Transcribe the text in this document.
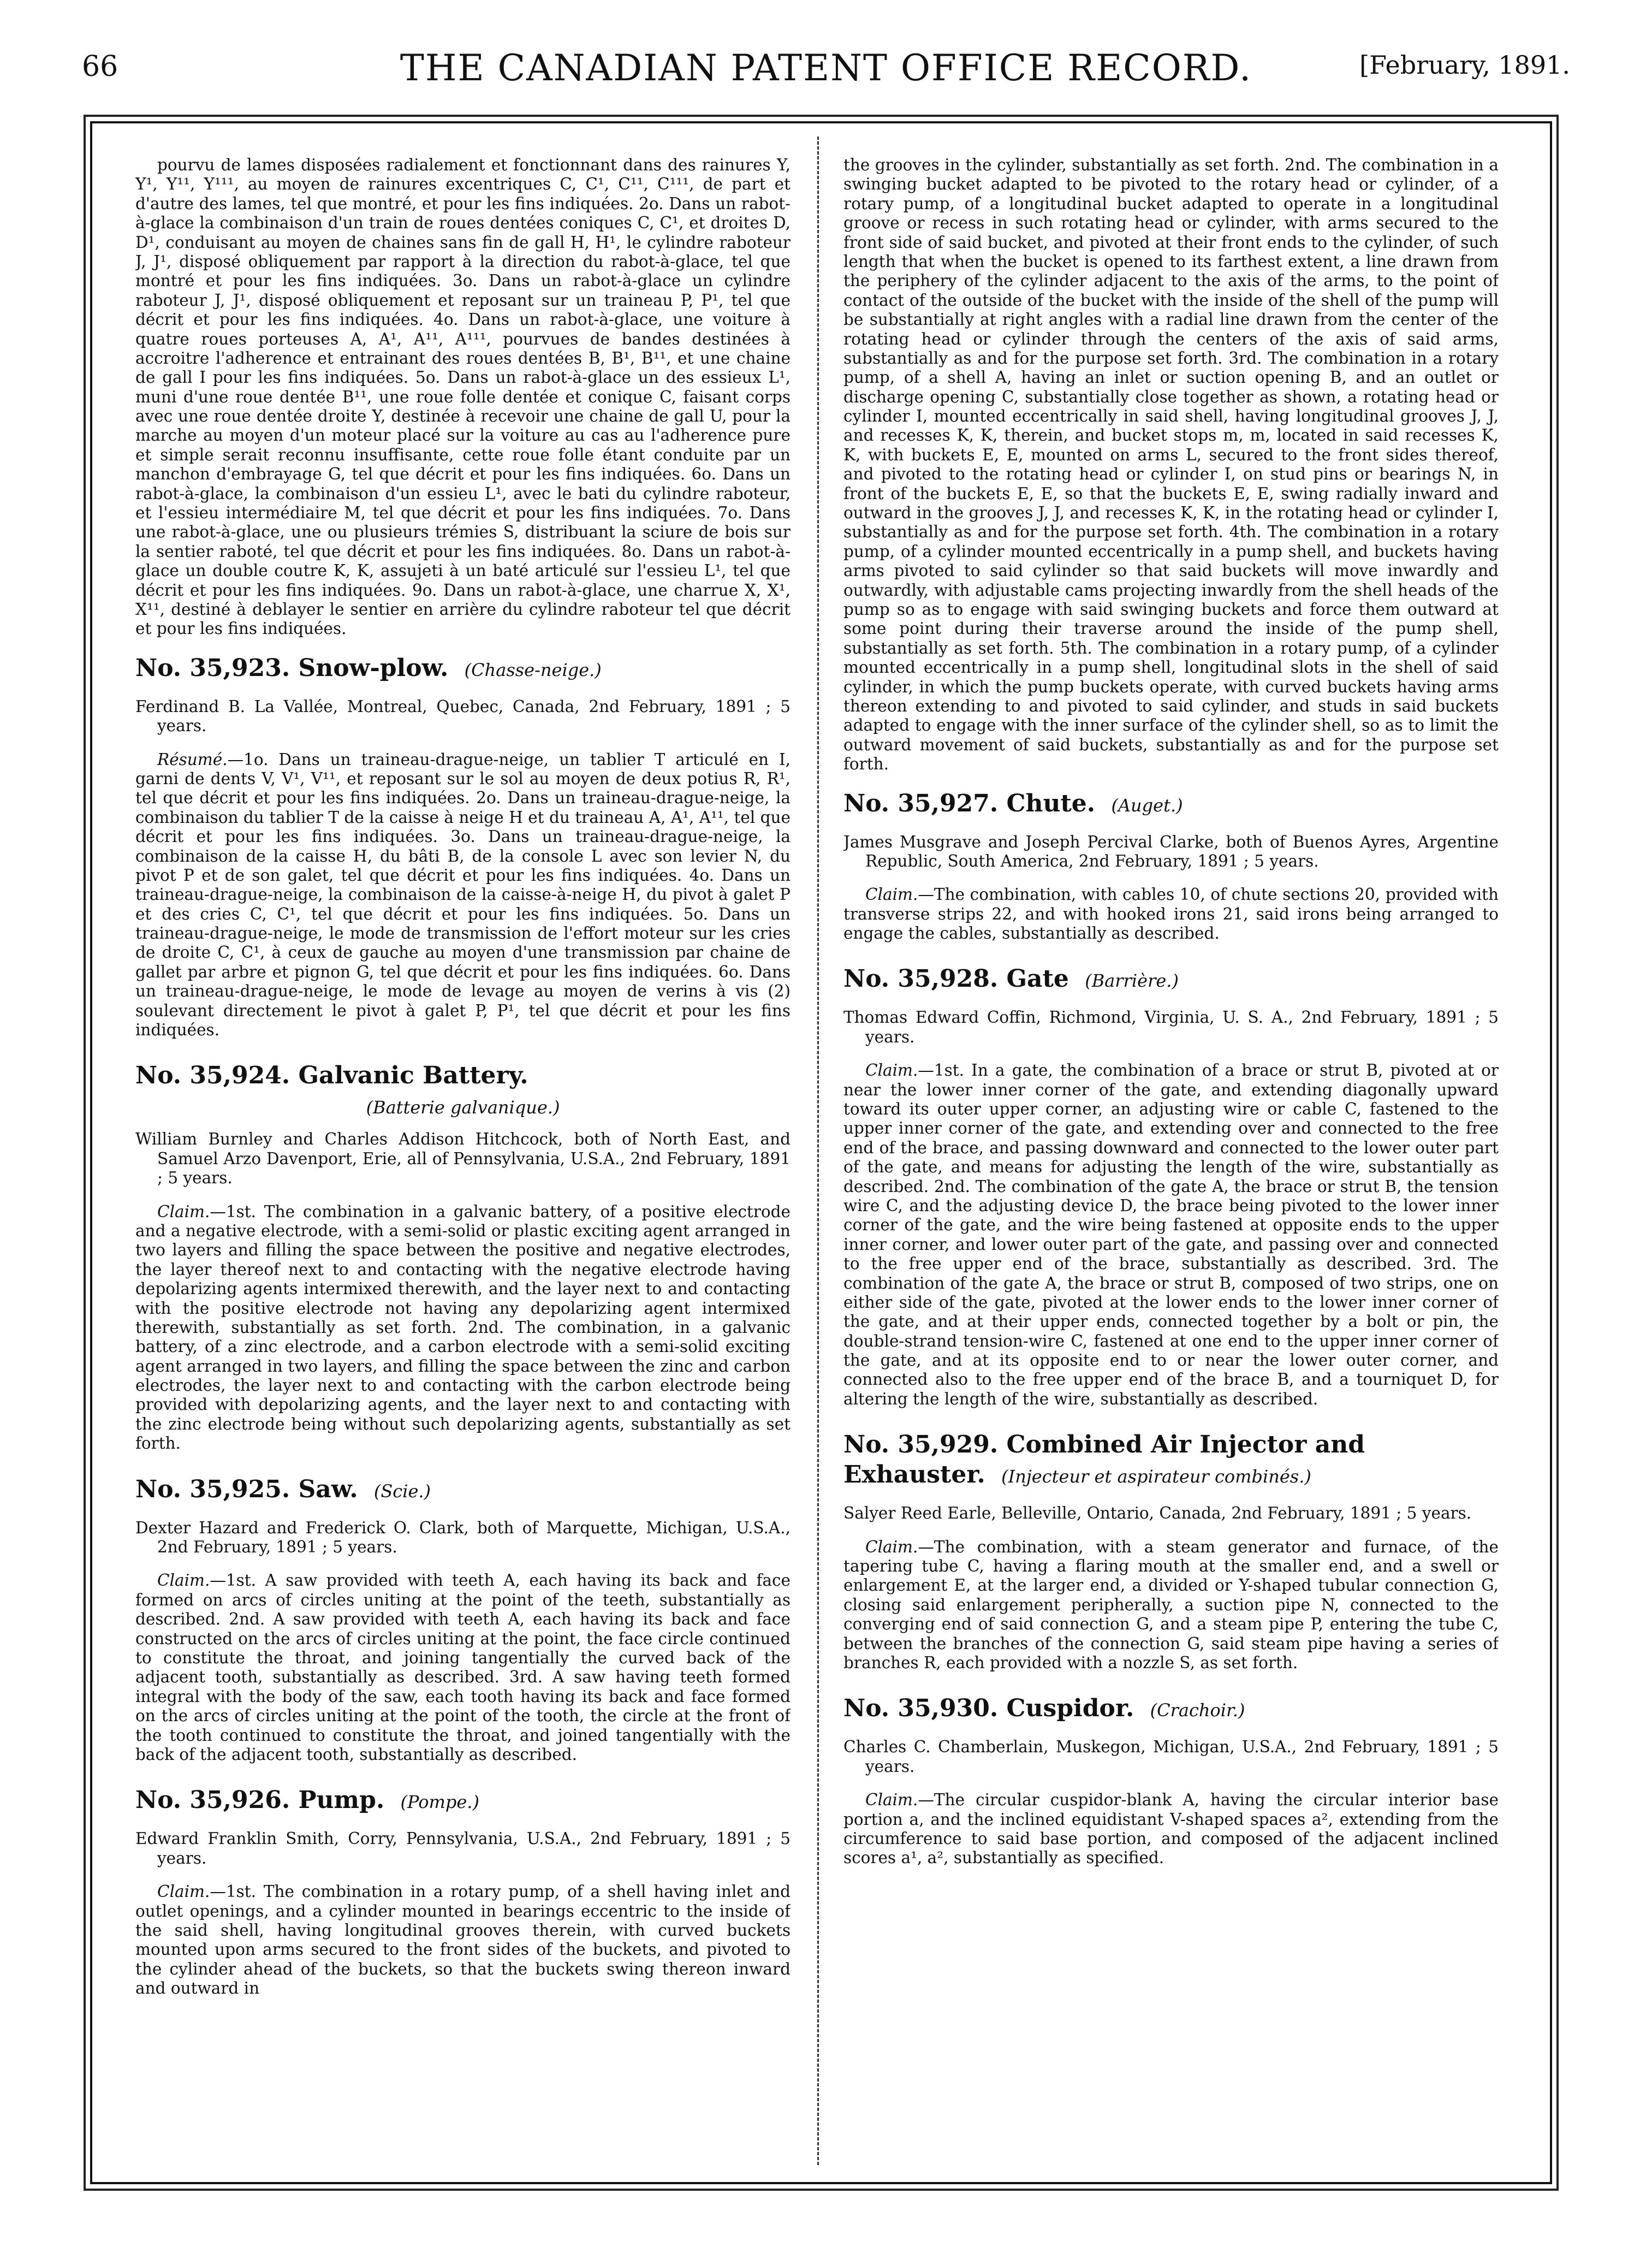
66	THE CANADIAN PATENT OFFICE RECORD.	[February, 1891.

pourvu de lames disposées radialement et fonctionnant dans des rainures Y, Y¹, Y¹¹, Y¹¹¹, au moyen de rainures excentriques C, C¹, C¹¹, C¹¹¹, de part et d'autre des lames, tel que montré, et pour les fins indiquées. 2o. Dans un rabot-à-glace la combinaison d'un train de roues dentées coniques C, C¹, et droites D, D¹, conduisant au moyen de chaines sans fin de gall H, H¹, le cylindre raboteur J, J¹, disposé obliquement par rapport à la direction du rabot-à-glace, tel que montré et pour les fins indiquées. 3o. Dans un rabot-à-glace un cylindre raboteur J, J¹, disposé obliquement et reposant sur un traineau P, P¹, tel que décrit et pour les fins indiquées. 4o. Dans un rabot-à-glace, une voiture à quatre roues porteuses A, A¹, A¹¹, A¹¹¹, pourvues de bandes destinées à accroitre l'adherence et entrainant des roues dentées B, B¹, B¹¹, et une chaine de gall I pour les fins indiquées. 5o. Dans un rabot-à-glace un des essieux L¹, muni d'une roue dentée B¹¹, une roue folle dentée et conique C, faisant corps avec une roue dentée droite Y, destinée à recevoir une chaine de gall U, pour la marche au moyen d'un moteur placé sur la voiture au cas au l'adherence pure et simple serait reconnu insuffisante, cette roue folle étant conduite par un manchon d'embrayage G, tel que décrit et pour les fins indiquées. 6o. Dans un rabot-à-glace, la combinaison d'un essieu L¹, avec le bati du cylindre raboteur, et l'essieu intermédiaire M, tel que décrit et pour les fins indiquées. 7o. Dans une rabot-à-glace, une ou plusieurs trémies S, distribuant la sciure de bois sur la sentier raboté, tel que décrit et pour les fins indiquées. 8o. Dans un rabot-à-glace un double coutre K, K, assujeti à un baté articulé sur l'essieu L¹, tel que décrit et pour les fins indiquées. 9o. Dans un rabot-à-glace, une charrue X, X¹, X¹¹, destiné à deblayer le sentier en arrière du cylindre raboteur tel que décrit et pour les fins indiquées.

No. 35,923. Snow-plow. (Chasse-neige.)

Ferdinand B. La Vallée, Montreal, Quebec, Canada, 2nd February, 1891 ; 5 years.

Résumé.—1o. Dans un traineau-drague-neige, un tablier T articulé en I, garni de dents V, V¹, V¹¹, et reposant sur le sol au moyen de deux potius R, R¹, tel que décrit et pour les fins indiquées. 2o. Dans un traineau-drague-neige, la combinaison du tablier T de la caisse à neige H et du traineau A, A¹, A¹¹, tel que décrit et pour les fins indiquées. 3o. Dans un traineau-drague-neige, la combinaison de la caisse H, du bâti B, de la console L avec son levier N, du pivot P et de son galet, tel que décrit et pour les fins indiquées. 4o. Dans un traineau-drague-neige, la combinaison de la caisse-à-neige H, du pivot à galet P et des cries C, C¹, tel que décrit et pour les fins indiquées. 5o. Dans un traineau-drague-neige, le mode de transmission de l'effort moteur sur les cries de droite C, C¹, à ceux de gauche au moyen d'une transmission par chaine de gallet par arbre et pignon G, tel que décrit et pour les fins indiquées. 6o. Dans un traineau-drague-neige, le mode de levage au moyen de verins à vis (2) soulevant directement le pivot à galet P, P¹, tel que décrit et pour les fins indiquées.

No. 35,924. Galvanic Battery.
(Batterie galvanique.)

William Burnley and Charles Addison Hitchcock, both of North East, and Samuel Arzo Davenport, Erie, all of Pennsylvania, U.S.A., 2nd February, 1891 ; 5 years.

Claim.—1st. The combination in a galvanic battery, of a positive electrode and a negative electrode, with a semi-solid or plastic exciting agent arranged in two layers and filling the space between the positive and negative electrodes, the layer thereof next to and contacting with the negative electrode having depolarizing agents intermixed therewith, and the layer next to and contacting with the positive electrode not having any depolarizing agent intermixed therewith, substantially as set forth. 2nd. The combination, in a galvanic battery, of a zinc electrode, and a carbon electrode with a semi-solid exciting agent arranged in two layers, and filling the space between the zinc and carbon electrodes, the layer next to and contacting with the carbon electrode being provided with depolarizing agents, and the layer next to and contacting with the zinc electrode being without such depolarizing agents, substantially as set forth.

No. 35,925. Saw. (Scie.)

Dexter Hazard and Frederick O. Clark, both of Marquette, Michigan, U.S.A., 2nd February, 1891 ; 5 years.

Claim.—1st. A saw provided with teeth A, each having its back and face formed on arcs of circles uniting at the point of the teeth, substantially as described. 2nd. A saw provided with teeth A, each having its back and face constructed on the arcs of circles uniting at the point, the face circle continued to constitute the throat, and joining tangentially the curved back of the adjacent tooth, substantially as described. 3rd. A saw having teeth formed integral with the body of the saw, each tooth having its back and face formed on the arcs of circles uniting at the point of the tooth, the circle at the front of the tooth continued to constitute the throat, and joined tangentially with the back of the adjacent tooth, substantially as described.

No. 35,926. Pump. (Pompe.)

Edward Franklin Smith, Corry, Pennsylvania, U.S.A., 2nd February, 1891 ; 5 years.

Claim.—1st. The combination in a rotary pump, of a shell having inlet and outlet openings, and a cylinder mounted in bearings eccentric to the inside of the said shell, having longitudinal grooves therein, with curved buckets mounted upon arms secured to the front sides of the buckets, and pivoted to the cylinder ahead of the buckets, so that the buckets swing thereon inward and outward in

the grooves in the cylinder, substantially as set forth. 2nd. The combination in a swinging bucket adapted to be pivoted to the rotary head or cylinder, of a rotary pump, of a longitudinal bucket adapted to operate in a longitudinal groove or recess in such rotating head or cylinder, with arms secured to the front side of said bucket, and pivoted at their front ends to the cylinder, of such length that when the bucket is opened to its farthest extent, a line drawn from the periphery of the cylinder adjacent to the axis of the arms, to the point of contact of the outside of the bucket with the inside of the shell of the pump will be substantially at right angles with a radial line drawn from the center of the rotating head or cylinder through the centers of the axis of said arms, substantially as and for the purpose set forth. 3rd. The combination in a rotary pump, of a shell A, having an inlet or suction opening B, and an outlet or discharge opening C, substantially close together as shown, a rotating head or cylinder I, mounted eccentrically in said shell, having longitudinal grooves J, J, and recesses K, K, therein, and bucket stops m, m, located in said recesses K, K, with buckets E, E, mounted on arms L, secured to the front sides thereof, and pivoted to the rotating head or cylinder I, on stud pins or bearings N, in front of the buckets E, E, so that the buckets E, E, swing radially inward and outward in the grooves J, J, and recesses K, K, in the rotating head or cylinder I, substantially as and for the purpose set forth. 4th. The combination in a rotary pump, of a cylinder mounted eccentrically in a pump shell, and buckets having arms pivoted to said cylinder so that said buckets will move inwardly and outwardly, with adjustable cams projecting inwardly from the shell heads of the pump so as to engage with said swinging buckets and force them outward at some point during their traverse around the inside of the pump shell, substantially as set forth. 5th. The combination in a rotary pump, of a cylinder mounted eccentrically in a pump shell, longitudinal slots in the shell of said cylinder, in which the pump buckets operate, with curved buckets having arms thereon extending to and pivoted to said cylinder, and studs in said buckets adapted to engage with the inner surface of the cylinder shell, so as to limit the outward movement of said buckets, substantially as and for the purpose set forth.

No. 35,927. Chute. (Auget.)

James Musgrave and Joseph Percival Clarke, both of Buenos Ayres, Argentine Republic, South America, 2nd February, 1891 ; 5 years.

Claim.—The combination, with cables 10, of chute sections 20, provided with transverse strips 22, and with hooked irons 21, said irons being arranged to engage the cables, substantially as described.

No. 35,928. Gate (Barrière.)

Thomas Edward Coffin, Richmond, Virginia, U. S. A., 2nd February, 1891 ; 5 years.

Claim.—1st. In a gate, the combination of a brace or strut B, pivoted at or near the lower inner corner of the gate, and extending diagonally upward toward its outer upper corner, an adjusting wire or cable C, fastened to the upper inner corner of the gate, and extending over and connected to the free end of the brace, and passing downward and connected to the lower outer part of the gate, and means for adjusting the length of the wire, substantially as described. 2nd. The combination of the gate A, the brace or strut B, the tension wire C, and the adjusting device D, the brace being pivoted to the lower inner corner of the gate, and the wire being fastened at opposite ends to the upper inner corner, and lower outer part of the gate, and passing over and connected to the free upper end of the brace, substantially as described. 3rd. The combination of the gate A, the brace or strut B, composed of two strips, one on either side of the gate, pivoted at the lower ends to the lower inner corner of the gate, and at their upper ends, connected together by a bolt or pin, the double-strand tension-wire C, fastened at one end to the upper inner corner of the gate, and at its opposite end to or near the lower outer corner, and connected also to the free upper end of the brace B, and a tourniquet D, for altering the length of the wire, substantially as described.

No. 35,929. Combined Air Injector and Exhauster. (Injecteur et aspirateur combinés.)

Salyer Reed Earle, Belleville, Ontario, Canada, 2nd February, 1891 ; 5 years.

Claim.—The combination, with a steam generator and furnace, of the tapering tube C, having a flaring mouth at the smaller end, and a swell or enlargement E, at the larger end, a divided or Y-shaped tubular connection G, closing said enlargement peripherally, a suction pipe N, connected to the converging end of said connection G, and a steam pipe P, entering the tube C, between the branches of the connection G, said steam pipe having a series of branches R, each provided with a nozzle S, as set forth.

No. 35,930. Cuspidor. (Crachoir.)

Charles C. Chamberlain, Muskegon, Michigan, U.S.A., 2nd February, 1891 ; 5 years.

Claim.—The circular cuspidor-blank A, having the circular interior base portion a, and the inclined equidistant V-shaped spaces a², extending from the circumference to said base portion, and composed of the adjacent inclined scores a¹, a², substantially as specified.
